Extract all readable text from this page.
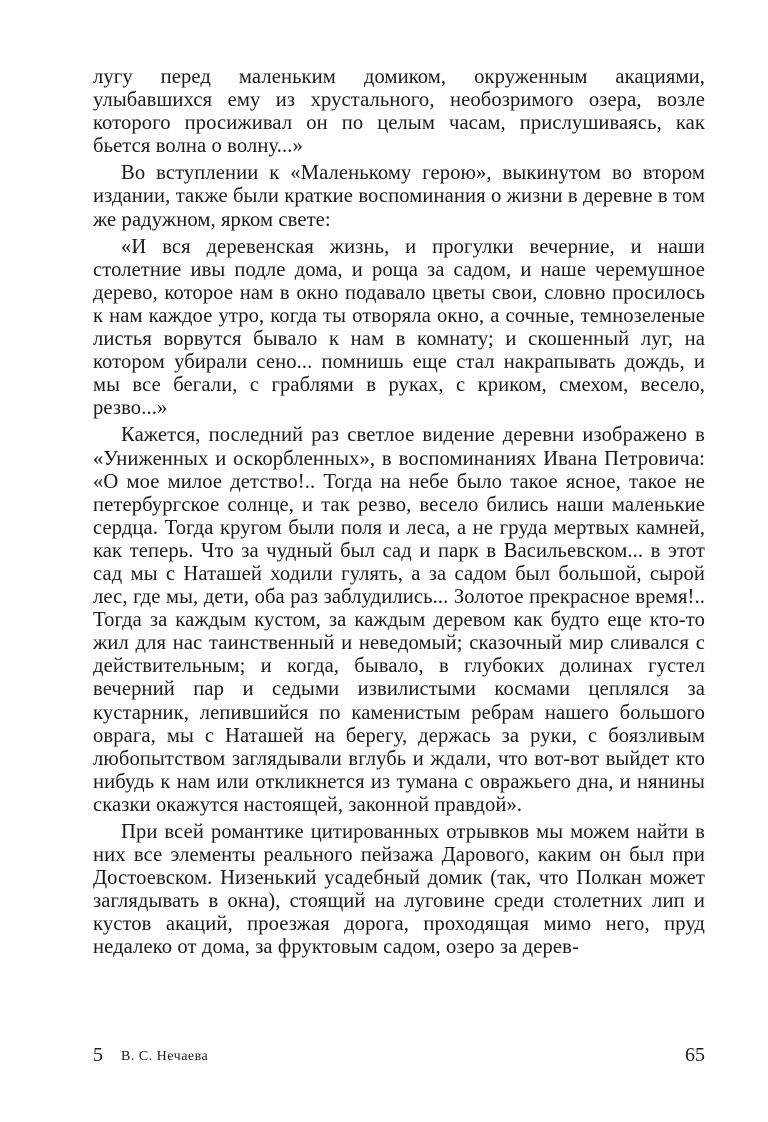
лугу перед маленьким домиком, окруженным акациями, улыбавшихся ему из хрустального, необозримого озера, возле которого просиживал он по целым часам, прислушиваясь, как бьется волна о волну...»

Во вступлении к «Маленькому герою», выкинутом во втором издании, также были краткие воспоминания о жизни в деревне в том же радужном, ярком свете:

«И вся деревенская жизнь, и прогулки вечерние, и наши столетние ивы подле дома, и роща за садом, и наше черемушное дерево, которое нам в окно подавало цветы свои, словно просилось к нам каждое утро, когда ты отворяла окно, а сочные, темнозеленые листья ворвутся бывало к нам в комнату; и скошенный луг, на котором убирали сено... помнишь еще стал накрапывать дождь, и мы все бегали, с граблями в руках, с криком, смехом, весело, резво...»

Кажется, последний раз светлое видение деревни изображено в «Униженных и оскорбленных», в воспоминаниях Ивана Петровича: «О мое милое детство!.. Тогда на небе было такое ясное, такое не петербургское солнце, и так резво, весело бились наши маленькие сердца. Тогда кругом были поля и леса, а не груда мертвых камней, как теперь. Что за чудный был сад и парк в Васильевском... в этот сад мы с Наташей ходили гулять, а за садом был большой, сырой лес, где мы, дети, оба раз заблудились... Золотое прекрасное время!.. Тогда за каждым кустом, за каждым деревом как будто еще кто-то жил для нас таинственный и неведомый; сказочный мир сливался с действительным; и когда, бывало, в глубоких долинах густел вечерний пар и седыми извилистыми космами цеплялся за кустарник, лепившийся по каменистым ребрам нашего большого оврага, мы с Наташей на берегу, держась за руки, с боязливым любопытством заглядывали вглубь и ждали, что вот-вот выйдет кто нибудь к нам или откликнется из тумана с овражьего дна, и нянины сказки окажутся настоящей, законной правдой».

При всей романтике цитированных отрывков мы можем найти в них все элементы реального пейзажа Дарового, каким он был при Достоевском. Низенький усадебный домик (так, что Полкан может заглядывать в окна), стоящий на луговине среди столетних лип и кустов акаций, проезжая дорога, проходящая мимо него, пруд недалеко от дома, за фруктовым садом, озеро за дерев-

5 В. С. Нечаева	65
